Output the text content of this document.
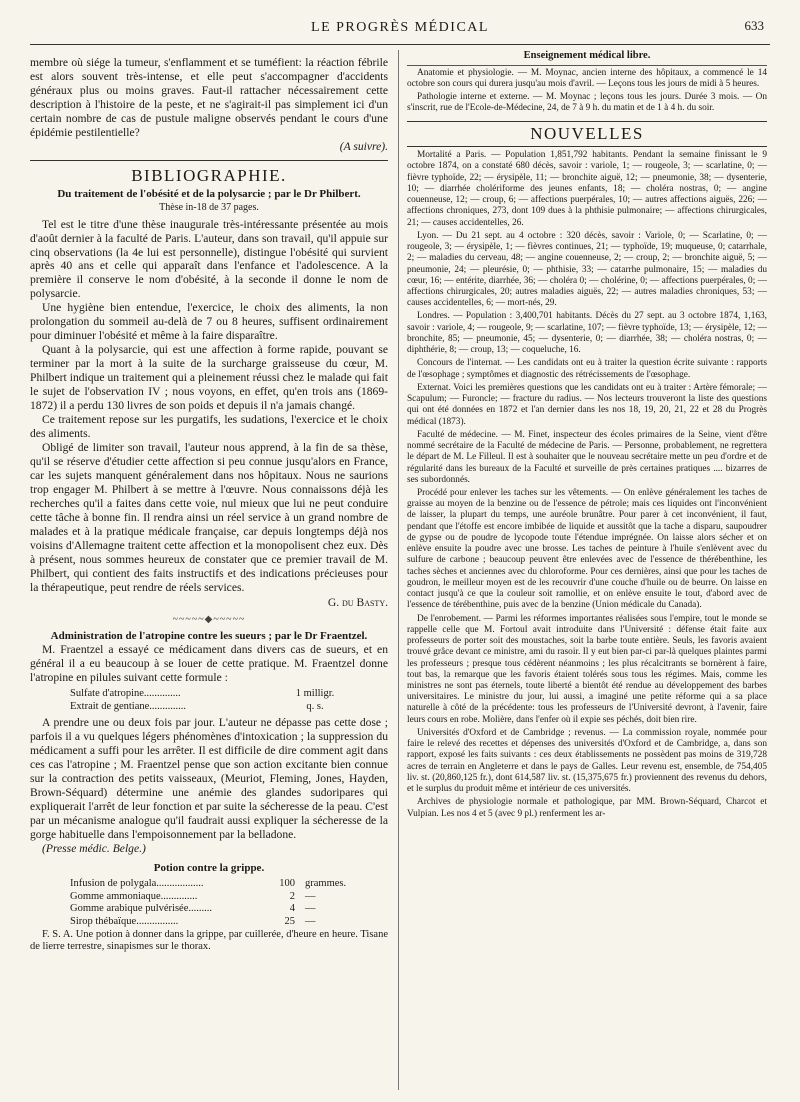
LE PROGRÈS MÉDICAL	633

membre où siége la tumeur, s'enflamment et se tuméfient: la réaction fébrile est alors souvent très-intense, et elle peut s'accompagner d'accidents généraux plus ou moins graves. Faut-il rattacher nécessairement cette description à l'histoire de la peste, et ne s'agirait-il pas simplement ici d'un certain nombre de cas de pustule maligne observés pendant le cours d'une épidémie pestilentielle?

(A suivre).
BIBLIOGRAPHIE.
Du traitement de l'obésité et de la polysarcie ; par le Dr Philbert.
Thèse in-18 de 37 pages.

Tel est le titre d'une thèse inaugurale très-intéressante présentée au mois d'août dernier à la faculté de Paris. L'auteur, dans son travail, qu'il appuie sur cinq observations (la 4e lui est personnelle), distingue l'obésité qui survient après 40 ans et celle qui apparaît dans l'enfance et l'adolescence. A la première il conserve le nom d'obésité, à la seconde il donne le nom de polysarcie.

Une hygiène bien entendue, l'exercice, le choix des aliments, la non prolongation du sommeil au-delà de 7 ou 8 heures, suffisent ordinairement pour diminuer l'obésité et même à la faire disparaître.

Quant à la polysarcie, qui est une affection à forme rapide, pouvant se terminer par la mort à la suite de la surcharge graisseuse du cœur, M. Philbert indique un traitement qui a pleinement réussi chez le malade qui fait le sujet de l'observation IV ; nous voyons, en effet, qu'en trois ans (1869-1872) il a perdu 130 livres de son poids et depuis il n'a jamais changé.

Ce traitement repose sur les purgatifs, les sudations, l'exercice et le choix des aliments.

Obligé de limiter son travail, l'auteur nous apprend, à la fin de sa thèse, qu'il se réserve d'étudier cette affection si peu connue jusqu'alors en France, car les sujets manquent généralement dans nos hôpitaux. Nous ne saurions trop engager M. Philbert à se mettre à l'œuvre. Nous connaissons déjà les recherches qu'il a faites dans cette voie, nul mieux que lui ne peut conduire cette tâche à bonne fin. Il rendra ainsi un réel service à un grand nombre de malades et à la pratique médicale française, car depuis longtemps déjà nos voisins d'Allemagne traitent cette affection et la monopolisent chez eux. Dès à présent, nous sommes heureux de constater que ce premier travail de M. Philbert, qui contient des faits instructifs et des indications précieuses pour la thérapeutique, peut rendre de réels services.

G. du Basty.
~~~~~◆~~~~~
Administration de l'atropine contre les sueurs ; par le Dr Fraentzel.

M. Fraentzel a essayé ce médicament dans divers cas de sueurs, et en général il a eu beaucoup à se louer de cette pratique. M. Fraentzel donne l'atropine en pilules suivant cette formule :

Sulfate d'atropine..............	1 milligr.
Extrait de gentiane..............	q. s.

A prendre une ou deux fois par jour. L'auteur ne dépasse pas cette dose ; parfois il a vu quelques légers phénomènes d'intoxication ; la suppression du médicament a suffi pour les arrêter. Il est difficile de dire comment agit dans ces cas l'atropine ; M. Fraentzel pense que son action excitante bien connue sur la contraction des petits vaisseaux, (Meuriot, Fleming, Jones, Hayden, Brown-Séquard) détermine une anémie des glandes sudoripares qui expliquerait l'arrêt de leur fonction et par suite la sécheresse de la peau. C'est par un mécanisme analogue qu'il faudrait aussi expliquer la sécheresse de la gorge habituelle dans l'empoisonnement par la belladone.

(Presse médic. Belge.)

Potion contre la grippe.
Infusion de polygala..................	100 grammes.
Gomme ammoniaque..............	2 —
Gomme arabique pulvérisée.........	4 —
Sirop thébaïque................	25 —

F. S. A. Une potion à donner dans la grippe, par cuillerée, d'heure en heure. Tisane de lierre terrestre, sinapismes sur le thorax.

Enseignement médical libre.

Anatomie et physiologie. — M. Moynac, ancien interne des hôpitaux, a commencé le 14 octobre son cours qui durera jusqu'au mois d'avril. — Leçons tous les jours de midi à 5 heures.

Pathologie interne et externe. — M. Moynac ; leçons tous les jours. Durée 3 mois. — On s'inscrit, rue de l'Ecole-de-Médecine, 24, de 7 à 9 h. du matin et de 1 à 4 h. du soir.

NOUVELLES

Mortalité a Paris. — Population 1,851,792 habitants. Pendant la semaine finissant le 9 octobre 1874, on a constaté 680 décès, savoir : variole, 1; — rougeole, 3; — scarlatine, 0; — fièvre typhoïde, 22; — érysipèle, 11; — bronchite aiguë, 12; — pneumonie, 38; — dysenterie, 10; — diarrhée cholériforme des jeunes enfants, 18; — choléra nostras, 0; — angine couenneuse, 12; — croup, 6; — affections puerpérales, 10; — autres affections aiguës, 226; — affections chroniques, 273, dont 109 dues à la phthisie pulmonaire; — affections chirurgicales, 21; — causes accidentelles, 26.

Lyon. — Du 21 sept. au 4 octobre : 320 décès, savoir : Variole, 0; — Scarlatine, 0; — rougeole, 3; — érysipèle, 1; — fièvres continues, 21; — typhoïde, 19; muqueuse, 0; catarrhale, 2; — maladies du cerveau, 48; — angine couenneuse, 2; — croup, 2; — bronchite aiguë, 5; — pneumonie, 24; — pleurésie, 0; — phthisie, 33; — catarrhe pulmonaire, 15; — maladies du cœur, 16; — entérite, diarrhée, 36; — choléra 0; — cholérine, 0; — affections puerpérales, 0; — affections chirurgicales, 20; autres maladies aiguës, 22; — autres maladies chroniques, 53; — causes accidentelles, 6; — mort-nés, 29.

Londres. — Population : 3,400,701 habitants. Décès du 27 sept. au 3 octobre 1874, 1,163, savoir : variole, 4; — rougeole, 9; — scarlatine, 107; — fièvre typhoïde, 13; — érysipèle, 12; — bronchite, 85; — pneumonie, 45; — dysenterie, 0; — diarrhée, 38; — choléra nostras, 0; — diphthérie, 8; — croup, 13; — coqueluche, 16.

Concours de l'internat. — Les candidats ont eu à traiter la question écrite suivante : rapports de l'œsophage ; symptômes et diagnostic des rétrécissements de l'œsophage.

Externat. Voici les premières questions que les candidats ont eu à traiter : Artère fémorale; — Scapulum; — Furoncle; — fracture du radius. — Nos lecteurs trouveront la liste des questions qui ont été données en 1872 et l'an dernier dans les nos 18, 19, 20, 21, 22 et 28 du Progrès médical (1873).

Faculté de médecine. — M. Finet, inspecteur des écoles primaires de la Seine, vient d'être nommé secrétaire de la Faculté de médecine de Paris. — Personne, probablement, ne regrettera le départ de M. Le Filleul. Il est à souhaiter que le nouveau secrétaire mette un peu d'ordre et de régularité dans les bureaux de la Faculté et surveille de près certaines pratiques .... bizarres de ses subordonnés.

Procédé pour enlever les taches sur les vêtements. — On enlève généralement les taches de graisse au moyen de la benzine ou de l'essence de pétrole; mais ces liquides ont l'inconvénient de laisser, la plupart du temps, une auréole brunâtre. Pour parer à cet inconvénient, il faut, pendant que l'étoffe est encore imbibée de liquide et aussitôt que la tache a disparu, saupoudrer de gypse ou de poudre de lycopode toute l'étendue imprégnée. On laisse alors sécher et on enlève ensuite la poudre avec une brosse. Les taches de peinture à l'huile s'enlèvent avec du sulfure de carbone ; beaucoup peuvent être enlevées avec de l'essence de thérébenthine, les taches sèches et anciennes avec du chloroforme. Pour ces dernières, ainsi que pour les taches de goudron, le meilleur moyen est de les recouvrir d'une couche d'huile ou de beurre. On laisse en contact jusqu'à ce que la couleur soit ramollie, et on enlève ensuite le tout, d'abord avec de l'essence de térébenthine, puis avec de la benzine (Union médicale du Canada).

De l'enrobement. — Parmi les réformes importantes réalisées sous l'empire, tout le monde se rappelle celle que M. Fortoul avait introduite dans l'Université : défense était faite aux professeurs de porter soit des moustaches, soit la barbe toute entière. Seuls, les favoris avaient trouvé grâce devant ce ministre, ami du rasoir. Il y eut bien par-ci par-là quelques plaintes parmi les professeurs ; presque tous cédèrent néanmoins ; les plus récalcitrants se bornèrent à faire, tout bas, la remarque que les favoris étaient tolérés sous tous les régimes. Mais, comme les ministres ne sont pas éternels, toute liberté a bientôt été rendue au développement des barbes universitaires. Le ministre du jour, lui aussi, a imaginé une petite réforme qui a sa place naturelle à côté de la précédente: tous les professeurs de l'Université devront, à l'avenir, faire leurs cours en robe. Molière, dans l'enfer où il expie ses péchés, doit bien rire.

Universités d'Oxford et de Cambridge ; revenus. — La commission royale, nommée pour faire le relevé des recettes et dépenses des universités d'Oxford et de Cambridge, a, dans son rapport, exposé les faits suivants : ces deux établissements ne possèdent pas moins de 319,728 acres de terrain en Angleterre et dans le pays de Galles. Leur revenu est, ensemble, de 754,405 liv. st. (20,860,125 fr.), dont 614,587 liv. st. (15,375,675 fr.) proviennent des revenus du dehors, et le surplus du produit même et intérieur de ces universités.

Archives de physiologie normale et pathologique, par MM. Brown-Séquard, Charcot et Vulpian. Les nos 4 et 5 (avec 9 pl.) renferment les ar-
